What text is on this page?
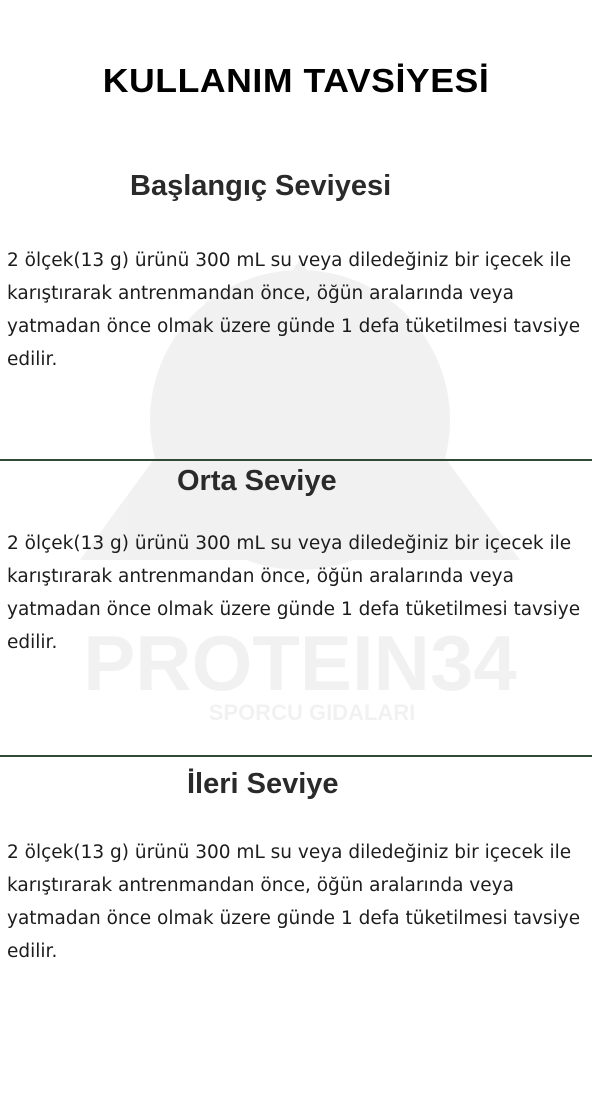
PROTEIN34
SPORCU GIDALARI
KULLANIM TAVSİYESİ
Başlangıç Seviyesi
2 ölçek(13 g) ürünü 300 mL su veya diledeğiniz bir içecek ile karıştırarak antrenmandan önce, öğün aralarında veya yatmadan önce olmak üzere günde 1 defa tüketilmesi tavsiye edilir.
Orta Seviye
2 ölçek(13 g) ürünü 300 mL su veya diledeğiniz bir içecek ile karıştırarak antrenmandan önce, öğün aralarında veya yatmadan önce olmak üzere günde 1 defa tüketilmesi tavsiye edilir.
İleri Seviye
2 ölçek(13 g) ürünü 300 mL su veya diledeğiniz bir içecek ile karıştırarak antrenmandan önce, öğün aralarında veya yatmadan önce olmak üzere günde 1 defa tüketilmesi tavsiye edilir.
